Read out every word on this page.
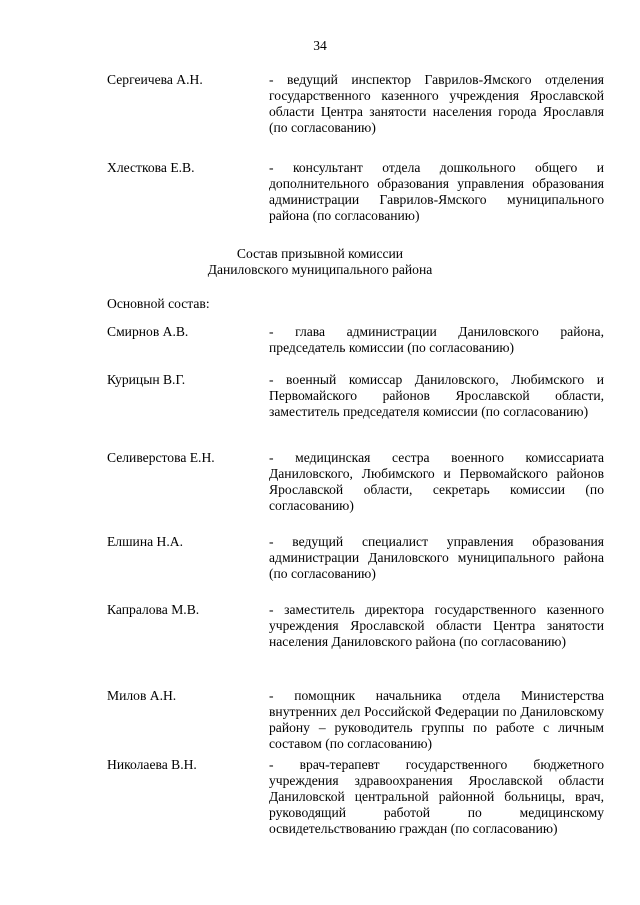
34
Сергеичева А.Н.	- ведущий инспектор Гаврилов-Ямского отделения государственного казенного учреждения Ярославской области Центра занятости населения города Ярославля (по согласованию)
Хлесткова Е.В.	- консультант отдела дошкольного общего и дополнительного образования управления образования администрации Гаврилов-Ямского муниципального района (по согласованию)
Состав призывной комиссии
Даниловского муниципального района
Основной состав:
Смирнов А.В.	- глава администрации Даниловского района, председатель комиссии (по согласованию)
Курицын В.Г.	- военный комиссар Даниловского, Любимского и Первомайского районов Ярославской области, заместитель председателя комиссии (по согласованию)
Селиверстова Е.Н.	- медицинская сестра военного комиссариата Даниловского, Любимского и Первомайского районов Ярославской области, секретарь комиссии (по согласованию)
Елшина Н.А.	- ведущий специалист управления образования администрации Даниловского муниципального района (по согласованию)
Капралова М.В.	- заместитель директора государственного казенного учреждения Ярославской области Центра занятости населения Даниловского района (по согласованию)
Милов А.Н.	- помощник начальника отдела Министерства внутренних дел Российской Федерации по Даниловскому району – руководитель группы по работе с личным составом (по согласованию)
Николаева В.Н.	- врач-терапевт государственного бюджетного учреждения здравоохранения Ярославской области Даниловской центральной районной больницы, врач, руководящий работой по медицинскому освидетельствованию граждан (по согласованию)
